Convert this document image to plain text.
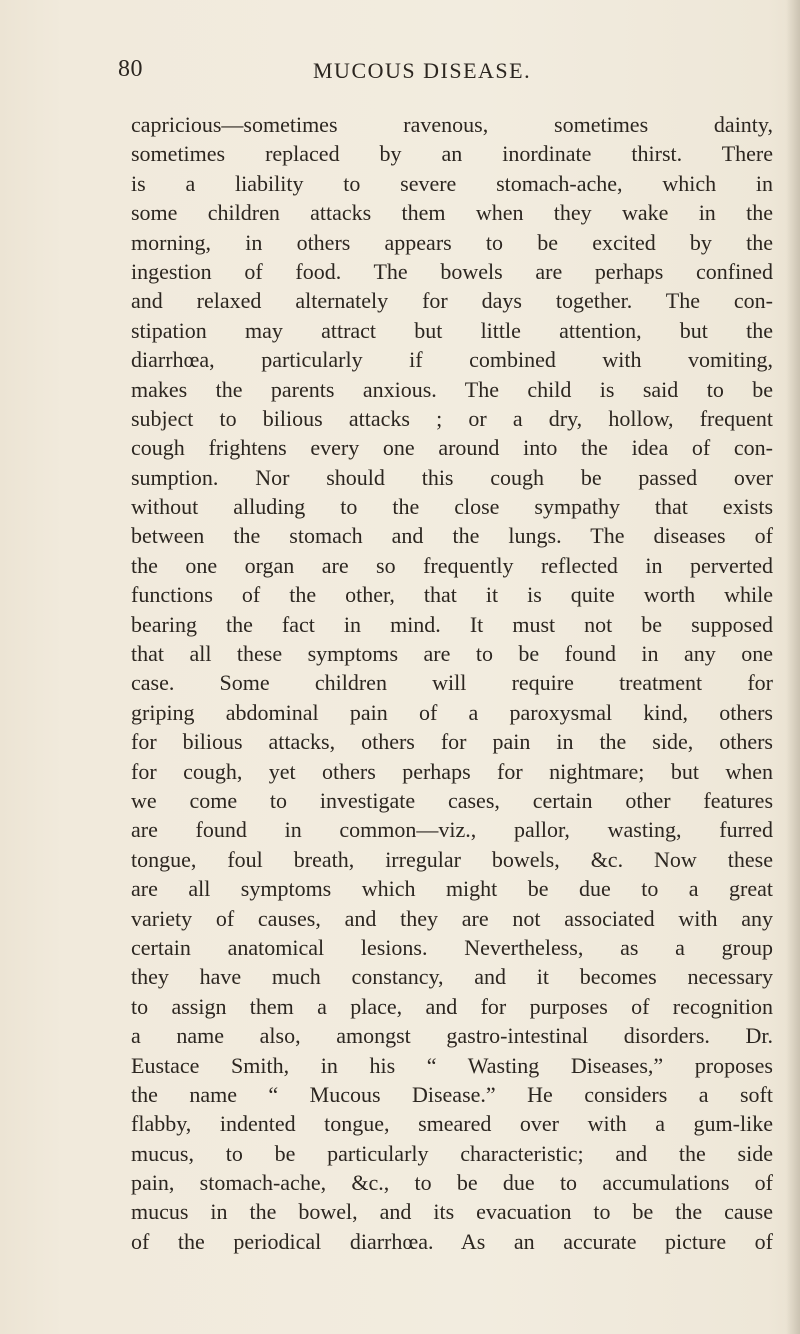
80	MUCOUS DISEASE.
capricious—sometimes ravenous, sometimes dainty,
sometimes replaced by an inordinate thirst. There
is a liability to severe stomach-ache, which in
some children attacks them when they wake in the
morning, in others appears to be excited by the
ingestion of food. The bowels are perhaps confined
and relaxed alternately for days together. The con-
stipation may attract but little attention, but the
diarrhœa, particularly if combined with vomiting,
makes the parents anxious. The child is said to be
subject to bilious attacks ; or a dry, hollow, frequent
cough frightens every one around into the idea of con-
sumption. Nor should this cough be passed over
without alluding to the close sympathy that exists
between the stomach and the lungs. The diseases of
the one organ are so frequently reflected in perverted
functions of the other, that it is quite worth while
bearing the fact in mind. It must not be supposed
that all these symptoms are to be found in any one
case. Some children will require treatment for
griping abdominal pain of a paroxysmal kind, others
for bilious attacks, others for pain in the side, others
for cough, yet others perhaps for nightmare; but when
we come to investigate cases, certain other features
are found in common—viz., pallor, wasting, furred
tongue, foul breath, irregular bowels, &c. Now these
are all symptoms which might be due to a great
variety of causes, and they are not associated with any
certain anatomical lesions. Nevertheless, as a group
they have much constancy, and it becomes necessary
to assign them a place, and for purposes of recognition
a name also, amongst gastro-intestinal disorders. Dr.
Eustace Smith, in his “ Wasting Diseases,” proposes
the name “ Mucous Disease.” He considers a soft
flabby, indented tongue, smeared over with a gum-like
mucus, to be particularly characteristic; and the side
pain, stomach-ache, &c., to be due to accumulations of
mucus in the bowel, and its evacuation to be the cause
of the periodical diarrhœa. As an accurate picture of
